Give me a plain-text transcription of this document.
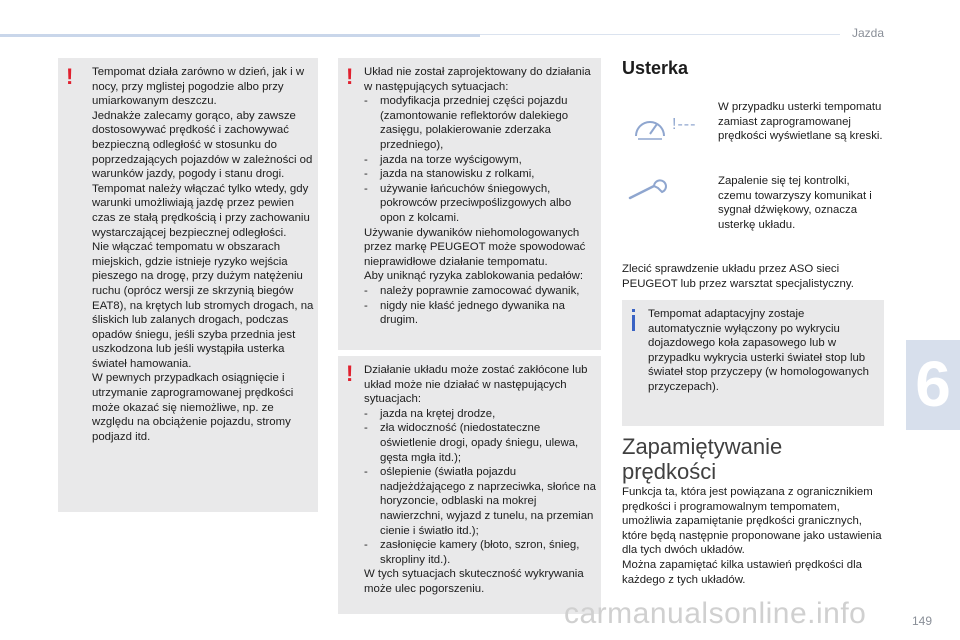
Jazda
6
! Tempomat działa zarówno w dzień, jak i w nocy, przy mglistej pogodzie albo przy umiarkowanym deszczu.

Jednakże zalecamy gorąco, aby zawsze dostosowywać prędkość i zachowywać bezpieczną odległość w stosunku do poprzedzających pojazdów w zależności od warunków jazdy, pogody i stanu drogi.

Tempomat należy włączać tylko wtedy, gdy warunki umożliwiają jazdę przez pewien czas ze stałą prędkością i przy zachowaniu wystarczającej bezpiecznej odległości.

Nie włączać tempomatu w obszarach miejskich, gdzie istnieje ryzyko wejścia pieszego na drogę, przy dużym natężeniu ruchu (oprócz wersji ze skrzynią biegów EAT8), na krętych lub stromych drogach, na śliskich lub zalanych drogach, podczas opadów śniegu, jeśli szyba przednia jest uszkodzona lub jeśli wystąpiła usterka świateł hamowania.

W pewnych przypadkach osiągnięcie i utrzymanie zaprogramowanej prędkości może okazać się niemożliwe, np. ze względu na obciążenie pojazdu, stromy podjazd itd.

! Układ nie został zaprojektowany do działania w następujących sytuacjach:

- modyfikacja przedniej części pojazdu (zamontowanie reflektorów dalekiego zasięgu, polakierowanie zderzaka przedniego),
- jazda na torze wyścigowym,
- jazda na stanowisku z rolkami,
- używanie łańcuchów śniegowych, pokrowców przeciwpoślizgowych albo opon z kolcami.

Używanie dywaników niehomologowanych przez markę PEUGEOT może spowodować nieprawidłowe działanie tempomatu.

Aby uniknąć ryzyka zablokowania pedałów:

- należy poprawnie zamocować dywanik,
- nigdy nie kłaść jednego dywanika na drugim.
! Działanie układu może zostać zakłócone lub układ może nie działać w następujących sytuacjach:

- jazda na krętej drodze,
- zła widoczność (niedostateczne oświetlenie drogi, opady śniegu, ulewa, gęsta mgła itd.);
- oślepienie (światła pojazdu nadjeżdżającego z naprzeciwka, słońce na horyzoncie, odblaski na mokrej nawierzchni, wyjazd z tunelu, na przemian cienie i światło itd.);
- zasłonięcie kamery (błoto, szron, śnieg, skropliny itd.).

W tych sytuacjach skuteczność wykrywania może ulec pogorszeniu.

Usterka
!---
W przypadku usterki tempomatu zamiast zaprogramowanej prędkości wyświetlane są kreski.
Zapalenie się tej kontrolki, czemu towarzyszy komunikat i sygnał dźwiękowy, oznacza usterkę układu.
Zlecić sprawdzenie układu przez ASO sieci PEUGEOT lub przez warsztat specjalistyczny.
Tempomat adaptacyjny zostaje automatycznie wyłączony po wykryciu dojazdowego koła zapasowego lub w przypadku wykrycia usterki świateł stop lub świateł stop przyczepy (w homologowanych przyczepach).
Zapamiętywanie
prędkości

Funkcja ta, która jest powiązana z ogranicznikiem prędkości i programowalnym tempomatem, umożliwia zapamiętanie prędkości granicznych, które będą następnie proponowane jako ustawienia dla tych dwóch układów.

Można zapamiętać kilka ustawień prędkości dla każdego z tych układów.

carmanualsonline.info	149
